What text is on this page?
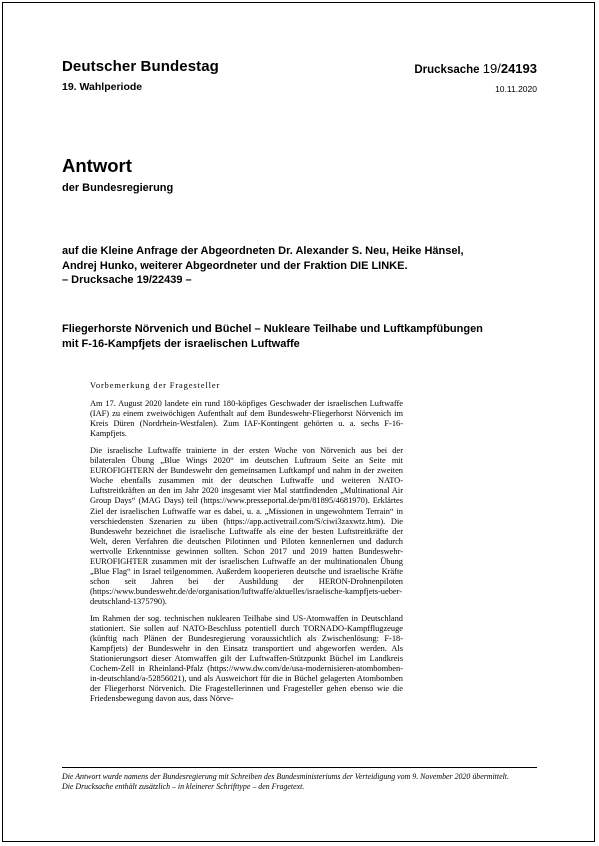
Deutscher Bundestag
19. Wahlperiode
Drucksache 19/24193
10.11.2020
Antwort
der Bundesregierung
auf die Kleine Anfrage der Abgeordneten Dr. Alexander S. Neu, Heike Hänsel,
Andrej Hunko, weiterer Abgeordneter und der Fraktion DIE LINKE.
– Drucksache 19/22439 –
Fliegerhorste Nörvenich und Büchel – Nukleare Teilhabe und Luftkampfübungen
mit F-16-Kampfjets der israelischen Luftwaffe
Vorbemerkung der Fragesteller

Am 17. August 2020 landete ein rund 180-köpfiges Geschwader der israelischen Luftwaffe (IAF) zu einem zweiwöchigen Aufenthalt auf dem Bundeswehr-Fliegerhorst Nörvenich im Kreis Düren (Nordrhein-Westfalen). Zum IAF-Kontingent gehörten u. a. sechs F-16-Kampfjets.

Die israelische Luftwaffe trainierte in der ersten Woche von Nörvenich aus bei der bilateralen Übung „Blue Wings 2020“ im deutschen Luftraum Seite an Seite mit EUROFIGHTERN der Bundeswehr den gemeinsamen Luftkampf und nahm in der zweiten Woche ebenfalls zusammen mit der deutschen Luftwaffe und weiteren NATO-Luftstreitkräften an den im Jahr 2020 insgesamt vier Mal stattfindenden „Multinational Air Group Days“ (MAG Days) teil (https://www.presseportal.de/pm/81895/4681970). Erklärtes Ziel der israelischen Luftwaffe war es dabei, u. a. „Missionen in ungewohntem Terrain“ in verschiedensten Szenarien zu üben (https://app.activetrail.com/S/ciwi3zaxwtz.htm). Die Bundeswehr bezeichnet die israelische Luftwaffe als eine der besten Luftstreitkräfte der Welt, deren Verfahren die deutschen Pilotinnen und Piloten kennenlernen und dadurch wertvolle Erkenntnisse gewinnen sollten. Schon 2017 und 2019 hatten Bundeswehr-EUROFIGHTER zusammen mit der israelischen Luftwaffe an der multinationalen Übung „Blue Flag“ in Israel teilgenommen. Außerdem kooperieren deutsche und israelische Kräfte schon seit Jahren bei der Ausbildung der HERON-Drohnenpiloten (https://www.bundeswehr.de/de/organisation/luftwaffe/aktuelles/israelische-kampfjets-ueber-deutschland-1375790).

Im Rahmen der sog. technischen nuklearen Teilhabe sind US-Atomwaffen in Deutschland stationiert. Sie sollen auf NATO-Beschluss potentiell durch TORNADO-Kampfflugzeuge (künftig nach Plänen der Bundesregierung voraussichtlich als Zwischenlösung: F-18-Kampfjets) der Bundeswehr in den Einsatz transportiert und abgeworfen werden. Als Stationierungsort dieser Atomwaffen gilt der Luftwaffen-Stützpunkt Büchel im Landkreis Cochem-Zell in Rheinland-Pfalz (https://www.dw.com/de/usa-modernisieren-atombomben-in-deutschland/a-52856021), und als Ausweichort für die in Büchel gelagerten Atombomben der Fliegerhorst Nörvenich. Die Fragestellerinnen und Fragesteller gehen ebenso wie die Friedensbewegung davon aus, dass Nörve-

Die Antwort wurde namens der Bundesregierung mit Schreiben des Bundesministeriums der Verteidigung vom 9. November 2020 übermittelt.

Die Drucksache enthält zusätzlich – in kleinerer Schrifttype – den Fragetext.
